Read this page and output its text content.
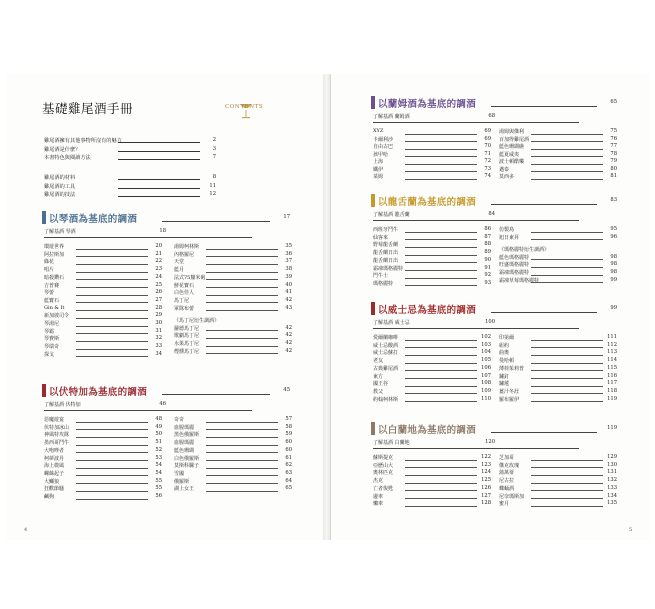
基礎雞尾酒手冊	CONTENTS
雞尾酒擁有其他事物所沒有的魅力	2
雞尾酒是什麼？	3
本書特色與閱讀方法	7
雞尾酒的材料	8
雞尾酒的工具	11
雞尾酒的技法	12
以琴酒為基底的調酒	17
了解基酒 琴酒	18
環遊世界	20
阿拉斯加	21
綠花	22
唱片	23
暗殺鑽石	24
吉普賽	25
琴蕾	26
藍寶石	27
Gin & It	28
新加坡司令	29
琴湯尼	30
琴霸	31
琴費斯	32
琴瑞奇	33
探戈	34
湯姆柯林斯	35
內格羅尼	36
天堂	37
藍月	38
法式75釐米砲	39
鮮花寶石	40
白色佳人	41
馬丁尼	42
軍隊布蕾	43
《馬丁尼衍生調酒》
蘿德馬丁尼	42
歌劇馬丁尼	42
水果馬丁尼	42
煙燻馬丁尼	42
以伏特加為基底的調酒	45
了解基酒 伏特加	46
惡魔遊宴	48
伏特加冰山	49
神風特攻隊	50
墨西哥鬥牛	51
大咆哮者	52
柯夢波丹	53
海上微風	54
螺絲起子	54
大鱷狼	55
狂歡節騷	55
鹹狗	56
奇奇	57
血腥瑪麗	58
黑色俄羅斯	59
血腥瑪麗	60
藍色珊瑚	60
白色俄羅斯	61
莫斯科騾子	62
雪國	63
俄羅斯	64
湖上女王	65
4
以蘭姆酒為基底的調酒	65
了解基酒 蘭姆酒	68
XYZ	69
卡爾利沙	69
自由古巴	70
孩甲哈	71
上海	72
鐵伊	73
菜姆	74
湯姆與傑利	75
百加得雞尾酒	76
藍色珊瑚礁	77
藍夏威夷	78
波士頓酷樂	79
邁泰	80
莫西多	81
以龍舌蘭為基底的調酒	83
了解基酒 龍舌蘭	84
西班牙鬥牛	86
仙客來	87
野莓龍舌蘭	88
龍舌蘭日出	89
龍舌蘭日出	90
霜凍瑪格麗特	91
門牛士	92
瑪格麗特	93
仿製鳥	95
旭日東昇	96
《瑪格麗特衍生調酒》
藍色瑪格麗特	98
旺盛瑪格麗特	98
霜凍瑪格麗特	98
霜凍草莓瑪格麗特	99
以威士忌為基底的調酒	99
了解基酒 威士忌	100
愛爾蘭咖啡	102
威士忌酸酒	103
威士忌蘇打	104
老友	105
古典雞尾酒	106
東方	107
國王谷	108
教父	109
約翰柯林斯	110
印第爾	111
紐約	112
曲奧	113
曼哈頓	114
薄荷茱莉普	115
鏽釘	116
鏽蓮	117
薑汁冬涯	118
羅布羅伊	119
以白蘭地為基底的調酒	119
了解基酒 白蘭地	120
蘇斯提克	122
亞歷山大	123
奧林匹克	124
杰克	125
亡者復甦	126
邊車	127
懶車	128
芝加哥	129
傑克玫瑰	130
蒲萬蒂	131
尼古拉	132
蝶蛹酒	133
尼奈瑪斯加	134
蜜月	135
5
